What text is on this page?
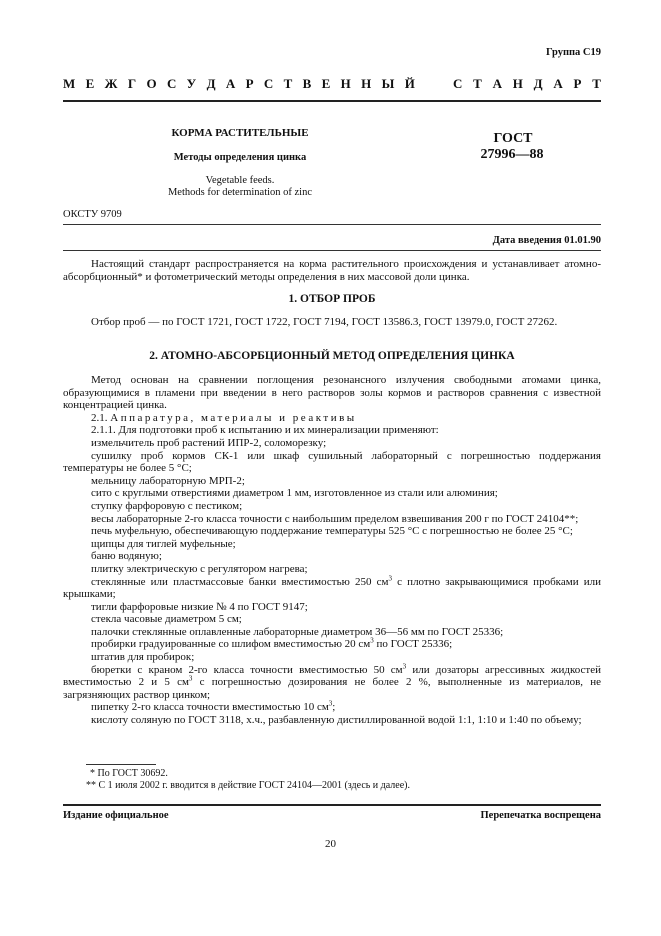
Группа С19
М Е Ж Г О С У Д А Р С Т В Е Н Н Ы Й	С Т А Н Д А Р Т
КОРМА РАСТИТЕЛЬНЫЕ
Методы определения цинка
Vegetable feeds.
Methods for determination of zinc
ГОСТ
27996—88
ОКСТУ 9709
Дата введения 01.01.90

Настоящий стандарт распространяется на корма растительного происхождения и устанавливает атомно-абсорбционный* и фотометрический методы определения в них массовой доли цинка.

1. ОТБОР ПРОБ

Отбор проб — по ГОСТ 1721, ГОСТ 1722, ГОСТ 7194, ГОСТ 13586.3, ГОСТ 13979.0, ГОСТ 27262.

2. АТОМНО-АБСОРБЦИОННЫЙ МЕТОД ОПРЕДЕЛЕНИЯ ЦИНКА

Метод основан на сравнении поглощения резонансного излучения свободными атомами цинка, образующимися в пламени при введении в него растворов золы кормов и растворов сравнения с известной концентрацией цинка.

2.1. Аппаратура, материалы и реактивы

2.1.1. Для подготовки проб к испытанию и их минерализации применяют:

измельчитель проб растений ИПР-2, соломорезку;

сушилку проб кормов СК-1 или шкаф сушильный лабораторный с погрешностью поддержания температуры не более 5 °С;

мельницу лабораторную МРП-2;

сито с круглыми отверстиями диаметром 1 мм, изготовленное из стали или алюминия;

ступку фарфоровую с пестиком;

весы лабораторные 2-го класса точности с наибольшим пределом взвешивания 200 г по ГОСТ 24104**;

печь муфельную, обеспечивающую поддержание температуры 525 °С с погрешностью не более 25 °С;

щипцы для тиглей муфельные;

баню водяную;

плитку электрическую с регулятором нагрева;

стеклянные или пластмассовые банки вместимостью 250 $см^3$ с плотно закрывающимися пробками или крышками;

тигли фарфоровые низкие № 4 по ГОСТ 9147;

стекла часовые диаметром 5 см;

палочки стеклянные оплавленные лабораторные диаметром 36—56 мм по ГОСТ 25336;

пробирки градуированные со шлифом вместимостью 20 $см^3$ по ГОСТ 25336;

штатив для пробирок;

бюретки с краном 2-го класса точности вместимостью 50 $см^3$ или дозаторы агрессивных жидкостей вместимостью 2 и 5 $см^3$ с погрешностью дозирования не более 2 %, выполненные из материалов, не загрязняющих раствор цинком;

пипетку 2-го класса точности вместимостью 10 $см^3$;

кислоту соляную по ГОСТ 3118, х.ч., разбавленную дистиллированной водой 1:1, 1:10 и 1:40 по объему;

* По ГОСТ 30692.
** С 1 июля 2002 г. вводится в действие ГОСТ 24104—2001 (здесь и далее).
Издание официальное	Перепечатка воспрещена
20
